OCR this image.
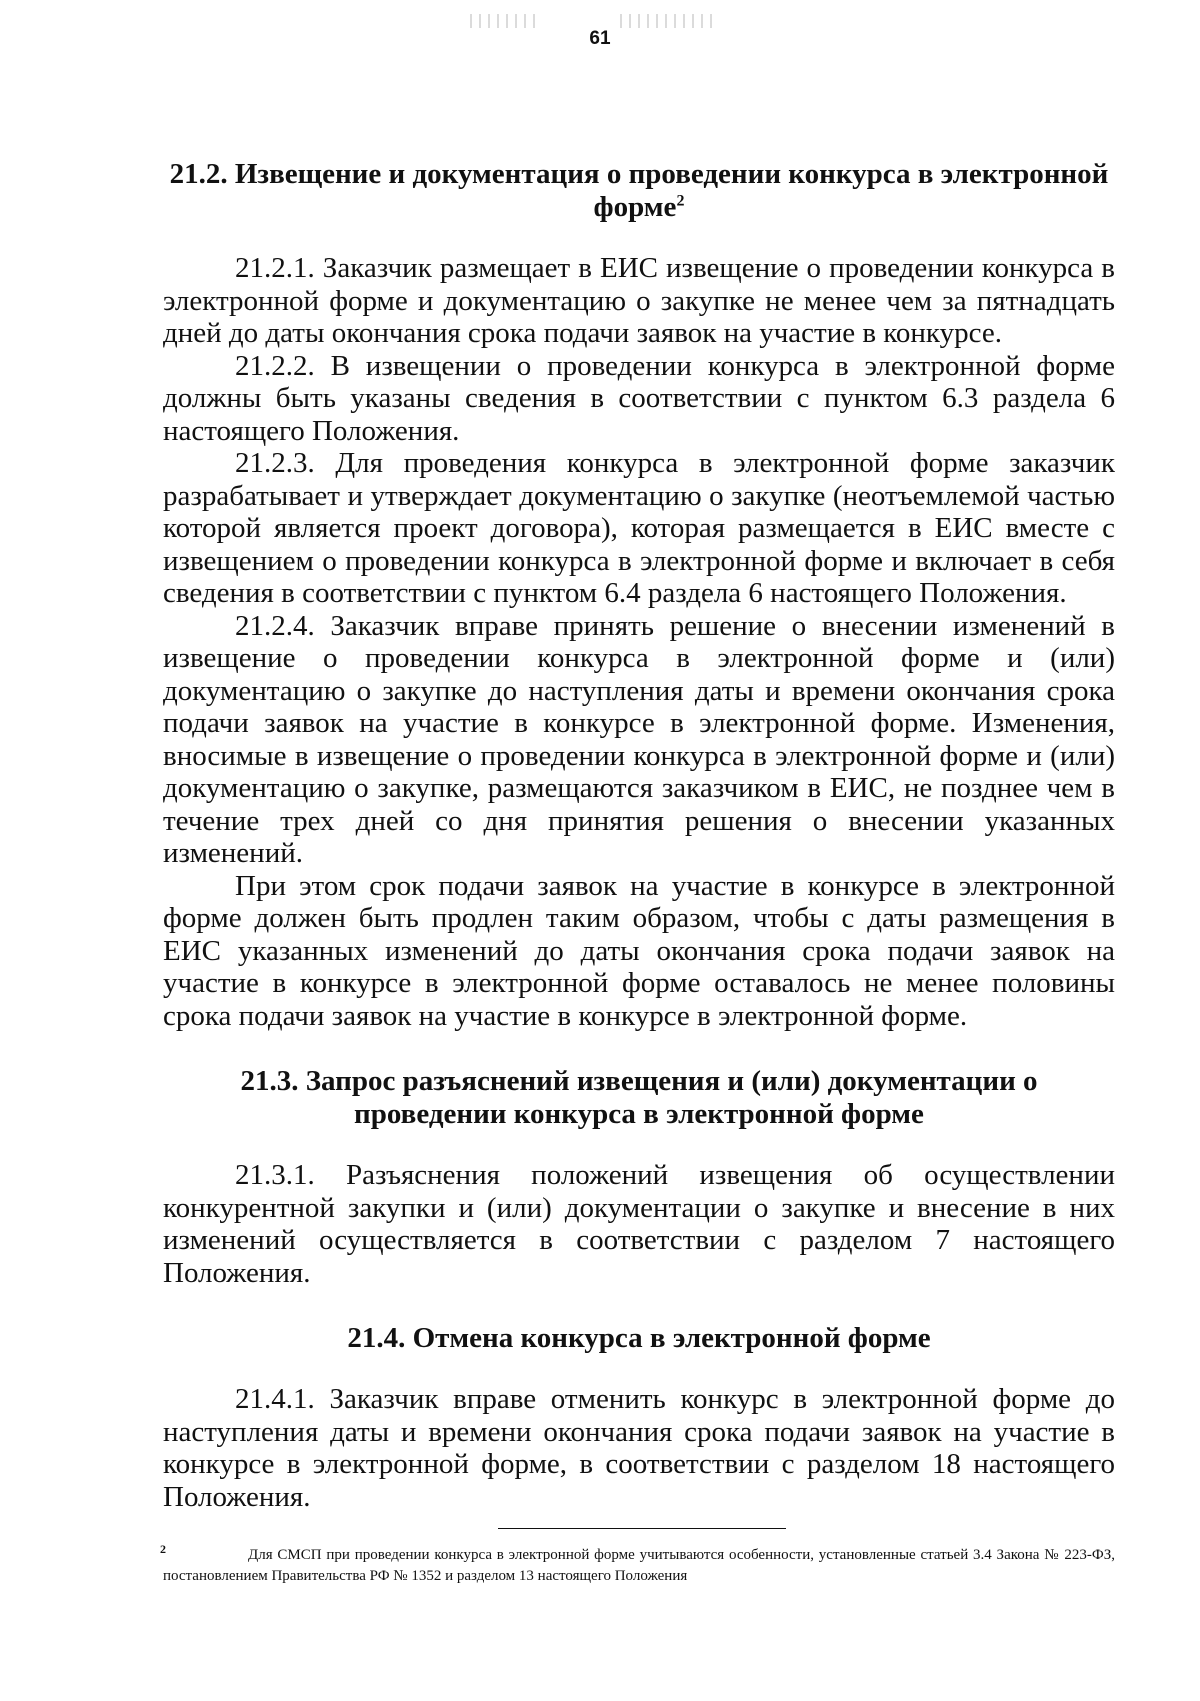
61
21.2. Извещение и документация о проведении конкурса в электронной форме$^2$

21.2.1. Заказчик размещает в ЕИС извещение о проведении конкурса в электронной форме и документацию о закупке не менее чем за пятнадцать дней до даты окончания срока подачи заявок на участие в конкурсе.

21.2.2. В извещении о проведении конкурса в электронной форме должны быть указаны сведения в соответствии с пунктом 6.3 раздела 6 настоящего Положения.

21.2.3. Для проведения конкурса в электронной форме заказчик разрабатывает и утверждает документацию о закупке (неотъемлемой частью которой является проект договора), которая размещается в ЕИС вместе с извещением о проведении конкурса в электронной форме и включает в себя сведения в соответствии с пунктом 6.4 раздела 6 настоящего Положения.

21.2.4. Заказчик вправе принять решение о внесении изменений в извещение о проведении конкурса в электронной форме и (или) документацию о закупке до наступления даты и времени окончания срока подачи заявок на участие в конкурсе в электронной форме. Изменения, вносимые в извещение о проведении конкурса в электронной форме и (или) документацию о закупке, размещаются заказчиком в ЕИС, не позднее чем в течение трех дней со дня принятия решения о внесении указанных изменений.

При этом срок подачи заявок на участие в конкурсе в электронной форме должен быть продлен таким образом, чтобы с даты размещения в ЕИС указанных изменений до даты окончания срока подачи заявок на участие в конкурсе в электронной форме оставалось не менее половины срока подачи заявок на участие в конкурсе в электронной форме.

21.3. Запрос разъяснений извещения и (или) документации о проведении конкурса в электронной форме

21.3.1. Разъяснения положений извещения об осуществлении конкурентной закупки и (или) документации о закупке и внесение в них изменений осуществляется в соответствии с разделом 7 настоящего Положения.

21.4. Отмена конкурса в электронной форме

21.4.1. Заказчик вправе отменить конкурс в электронной форме до наступления даты и времени окончания срока подачи заявок на участие в конкурсе в электронной форме, в соответствии с разделом 18 настоящего Положения.

2	Для СМСП при проведении конкурса в электронной форме учитываются особенности, установленные статьей 3.4 Закона № 223-ФЗ, постановлением Правительства РФ № 1352 и разделом 13 настоящего Положения
